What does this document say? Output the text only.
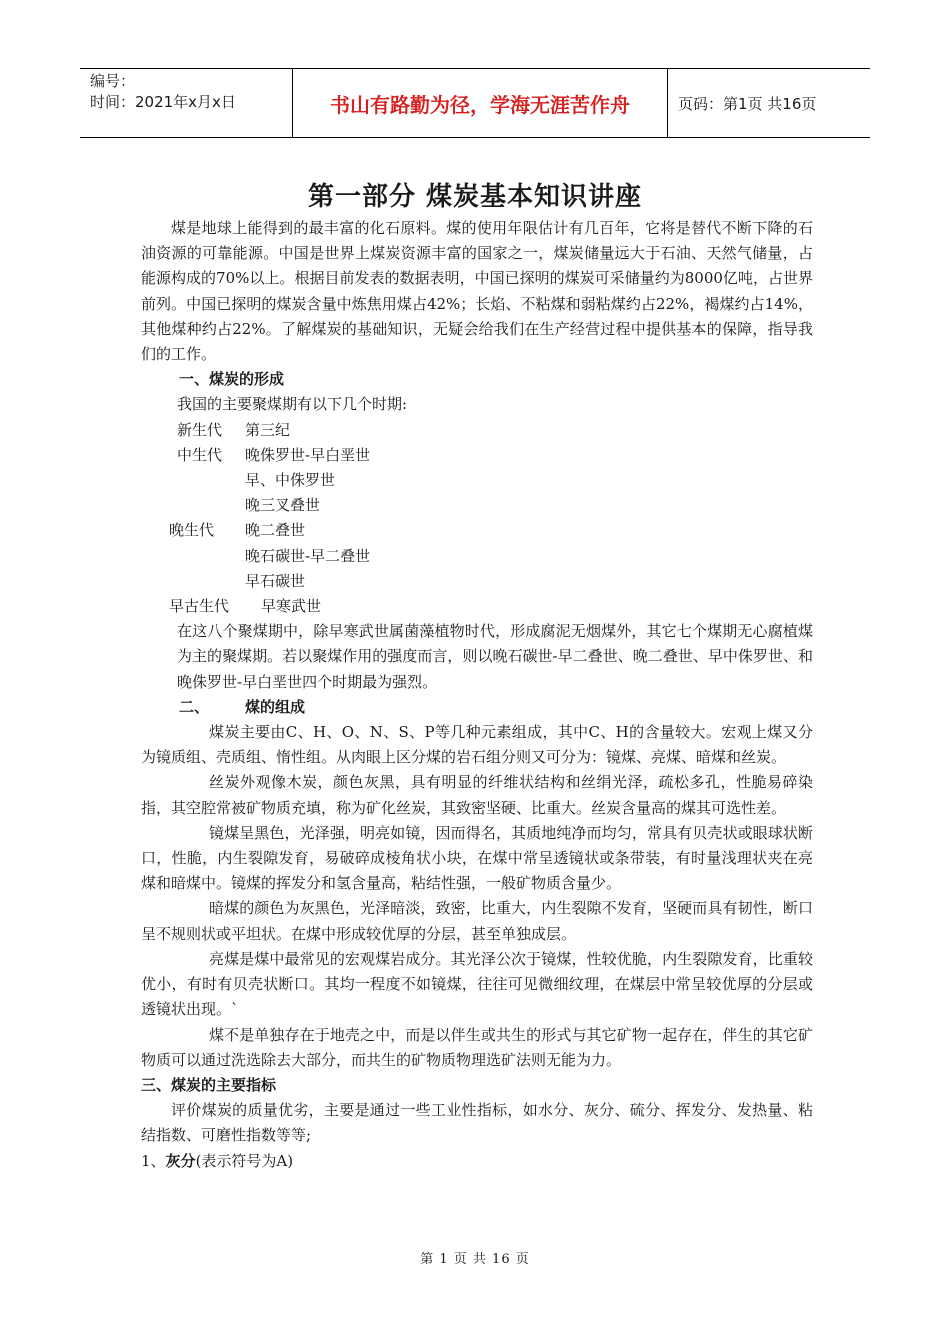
编号：
时间：2021年x月x日	书山有路勤为径，学海无涯苦作舟	页码：第1页 共16页
第一部分 煤炭基本知识讲座

煤是地球上能得到的最丰富的化石原料。煤的使用年限估计有几百年，它将是替代不断下降的石油资源的可靠能源。中国是世界上煤炭资源丰富的国家之一，煤炭储量远大于石油、天然气储量，占能源构成的70%以上。根据目前发表的数据表明，中国已探明的煤炭可采储量约为8000亿吨，占世界前列。中国已探明的煤炭含量中炼焦用煤占42%；长焰、不粘煤和弱粘煤约占22%，褐煤约占14%，其他煤种约占22%。了解煤炭的基础知识，无疑会给我们在生产经营过程中提供基本的保障，指导我们的工作。

一、煤炭的形成
我国的主要聚煤期有以下几个时期:
新生代	第三纪
中生代	晚侏罗世-早白垩世
早、中侏罗世
晚三叉叠世
晚生代	晚二叠世
晚石碳世-早二叠世
早石碳世
早古生代	早寒武世

在这八个聚煤期中，除早寒武世属菌藻植物时代，形成腐泥无烟煤外，其它七个煤期无心腐植煤为主的聚煤期。若以聚煤作用的强度而言，则以晚石碳世-早二叠世、晚二叠世、早中侏罗世、和晚侏罗世-早白垩世四个时期最为强烈。

二、 煤的组成

煤炭主要由C、H、O、N、S、P等几种元素组成，其中C、H的含量较大。宏观上煤又分为镜质组、壳质组、惰性组。从肉眼上区分煤的岩石组分则又可分为：镜煤、亮煤、暗煤和丝炭。

丝炭外观像木炭，颜色灰黑，具有明显的纤维状结构和丝绢光泽，疏松多孔，性脆易碎染指，其空腔常被矿物质充填，称为矿化丝炭，其致密坚硬、比重大。丝炭含量高的煤其可选性差。

镜煤呈黑色，光泽强，明亮如镜，因而得名，其质地纯净而均匀，常具有贝壳状或眼球状断口，性脆，内生裂隙发育，易破碎成棱角状小块，在煤中常呈透镜状或条带装，有时量浅理状夹在亮煤和暗煤中。镜煤的挥发分和氢含量高，粘结性强，一般矿物质含量少。

暗煤的颜色为灰黑色，光泽暗淡，致密，比重大，内生裂隙不发育，坚硬而具有韧性，断口呈不规则状或平坦状。在煤中形成较优厚的分层，甚至单独成层。

亮煤是煤中最常见的宏观煤岩成分。其光泽公次于镜煤，性较优脆，内生裂隙发育，比重较优小，有时有贝壳状断口。其均一程度不如镜煤，往往可见微细纹理，在煤层中常呈较优厚的分层或透镜状出现。`

煤不是单独存在于地壳之中，而是以伴生或共生的形式与其它矿物一起存在，伴生的其它矿物质可以通过洗选除去大部分，而共生的矿物质物理选矿法则无能为力。

三、煤炭的主要指标

评价煤炭的质量优劣，主要是通过一些工业性指标，如水分、灰分、硫分、挥发分、发热量、粘结指数、可磨性指数等等;

1、灰分(表示符号为A)
第 1 页 共 16 页
